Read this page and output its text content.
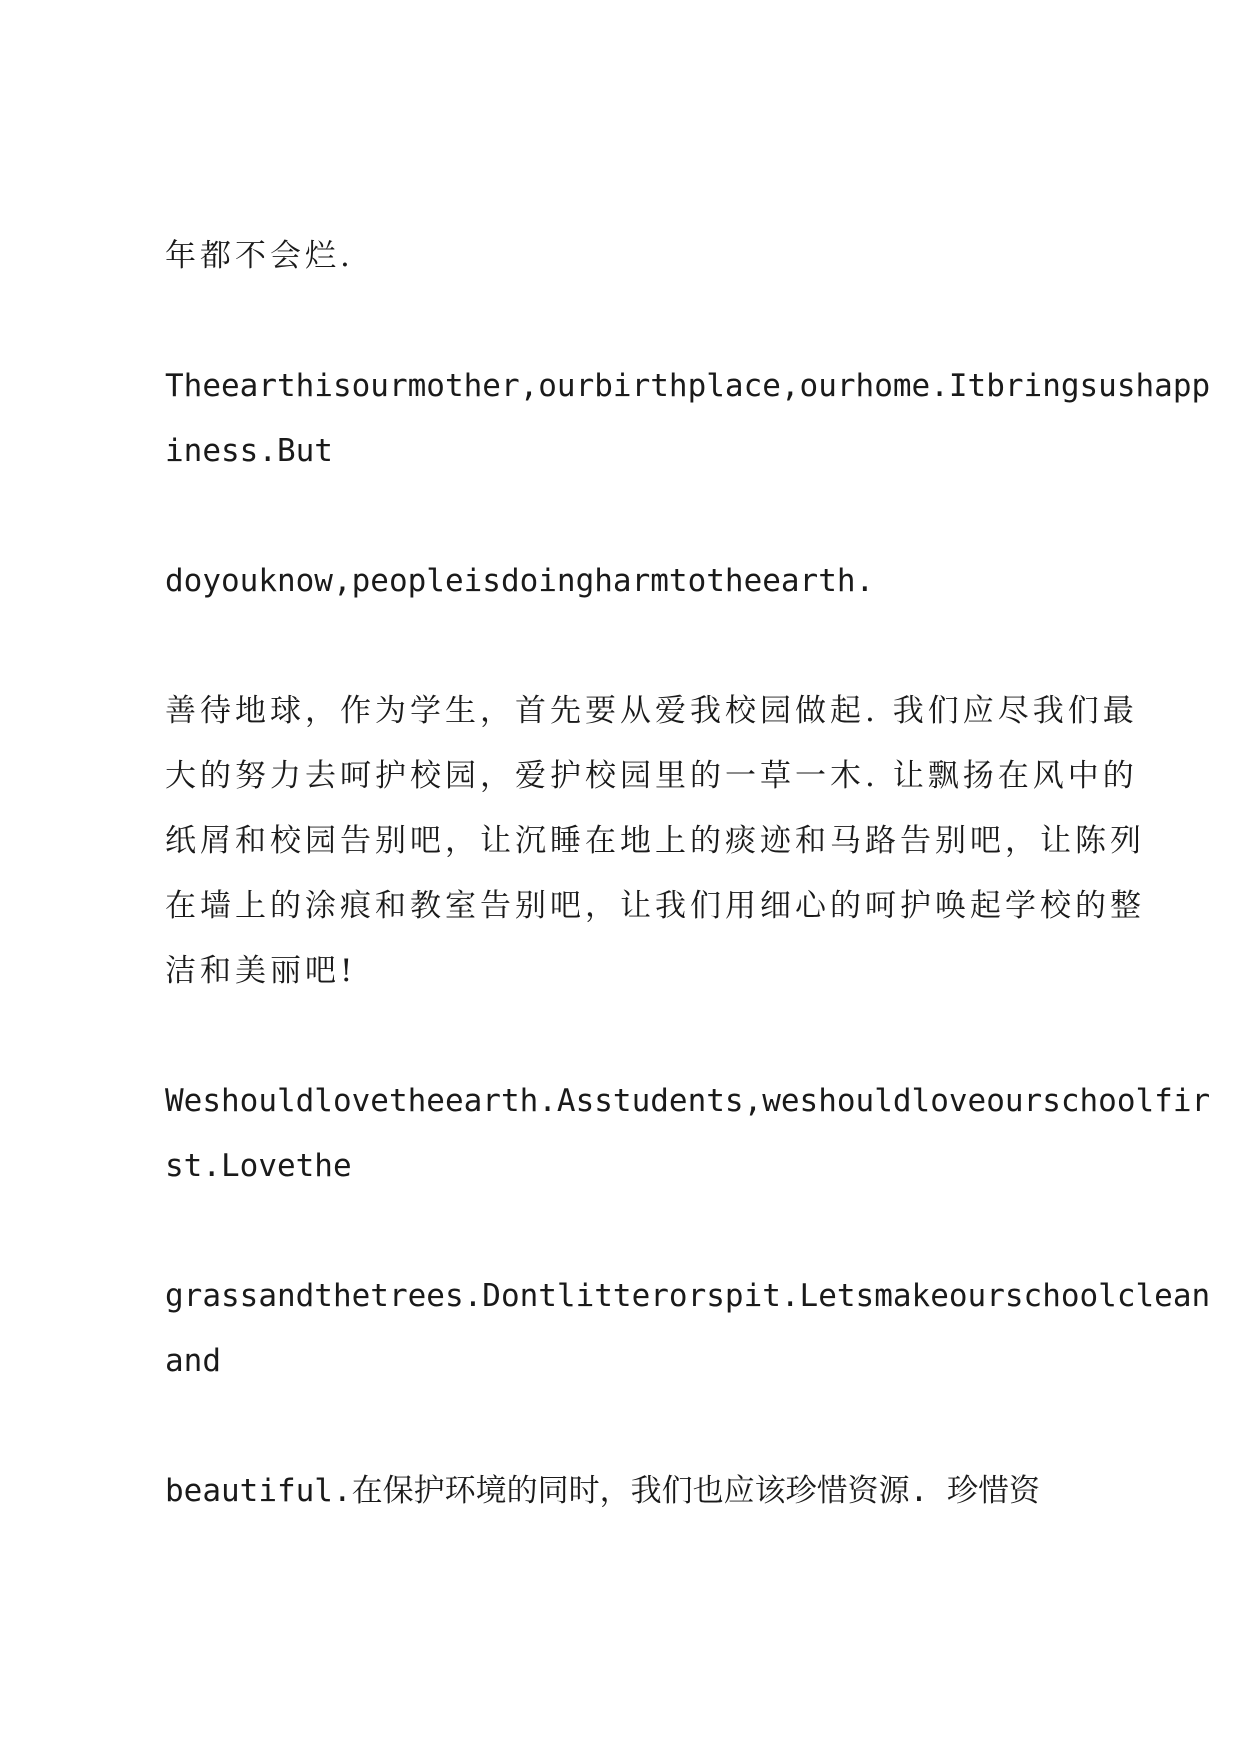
年都不会烂.

Theearthisourmother,ourbirthplace,ourhome.Itbringsushapp
iness.But

doyouknow,peopleisdoingharmtotheearth.

善待地球，作为学生，首先要从爱我校园做起. 我们应尽我们最
大的努力去呵护校园，爱护校园里的一草一木. 让飘扬在风中的
纸屑和校园告别吧，让沉睡在地上的痰迹和马路告别吧，让陈列
在墙上的涂痕和教室告别吧，让我们用细心的呵护唤起学校的整
洁和美丽吧!

Weshouldlovetheearth.Asstudents,weshouldloveourschoolfir
st.Lovethe

grassandthetrees.Dontlitterorspit.Letsmakeourschoolclean
and

beautiful.在保护环境的同时，我们也应该珍惜资源. 珍惜资
